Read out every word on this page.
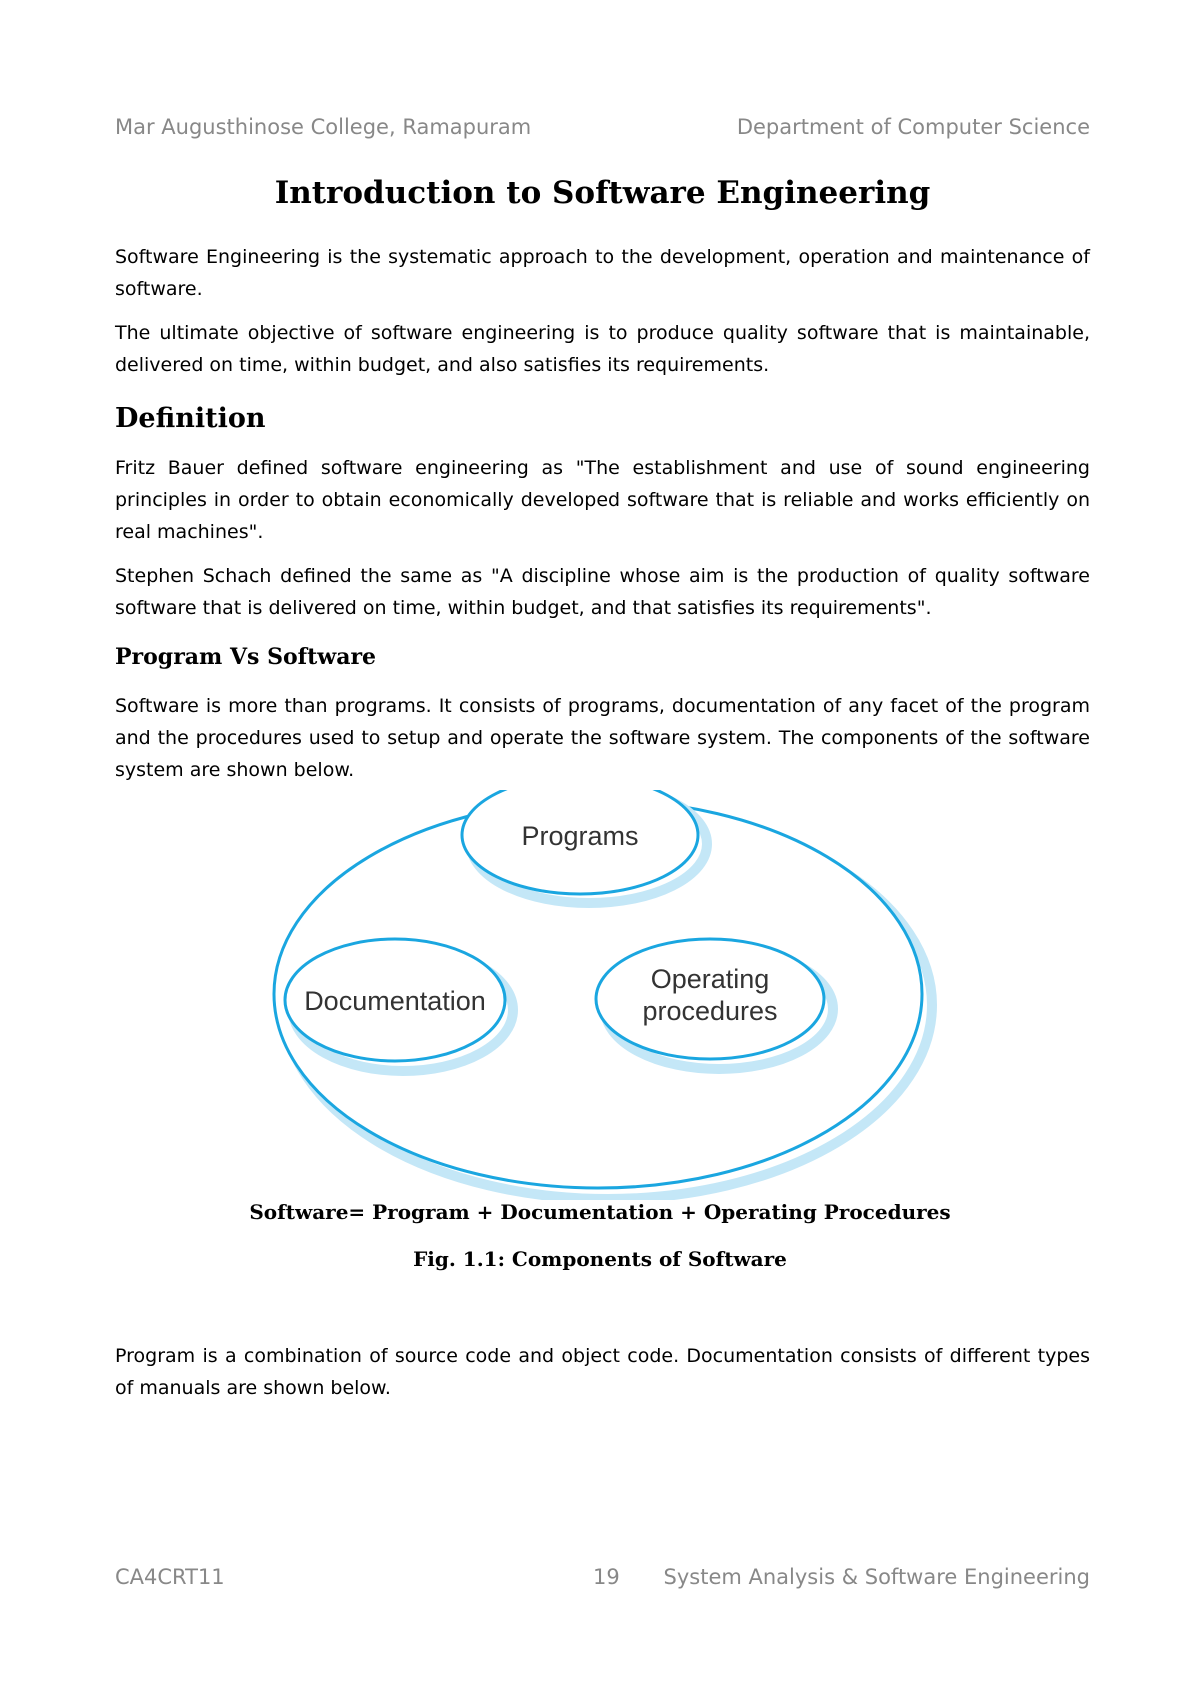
Mar Augusthinose College, Ramapuram	Department of Computer Science
Introduction to Software Engineering

Software Engineering is the systematic approach to the development, operation and maintenance of software.

The ultimate objective of software engineering is to produce quality software that is maintainable, delivered on time, within budget, and also satisfies its requirements.

Definition

Fritz Bauer defined software engineering as "The establishment and use of sound engineering principles in order to obtain economically developed software that is reliable and works efficiently on real machines".

Stephen Schach defined the same as "A discipline whose aim is the production of quality software software that is delivered on time, within budget, and that satisfies its requirements".

Program Vs Software

Software is more than programs. It consists of programs, documentation of any facet of the program and the procedures used to setup and operate the software system. The components of the software system are shown below.

Programs
Documentation
Operating
procedures
Software= Program + Documentation + Operating Procedures
Fig. 1.1: Components of Software

Program is a combination of source code and object code. Documentation consists of different types of manuals are shown below.

CA4CRT11	19 System Analysis & Software Engineering
